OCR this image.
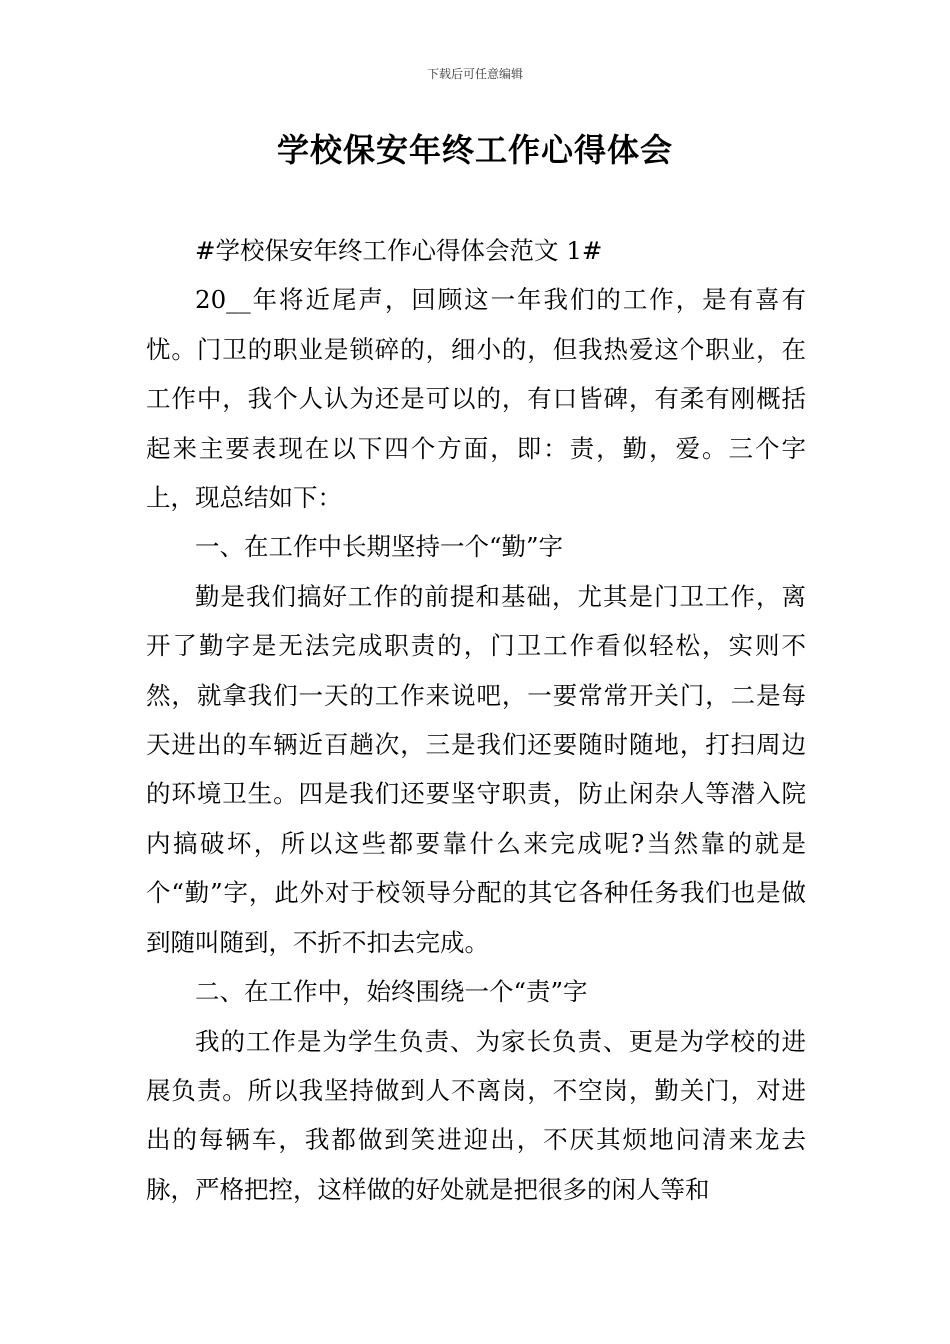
下载后可任意编辑
学校保安年终工作心得体会

#学校保安年终工作心得体会范文 1#

20__年将近尾声，回顾这一年我们的工作，是有喜有忧。门卫的职业是锁碎的，细小的，但我热爱这个职业，在工作中，我个人认为还是可以的，有口皆碑，有柔有刚概括起来主要表现在以下四个方面，即：责，勤，爱。三个字上，现总结如下：

一、在工作中长期坚持一个“勤”字

勤是我们搞好工作的前提和基础，尤其是门卫工作，离开了勤字是无法完成职责的，门卫工作看似轻松，实则不然，就拿我们一天的工作来说吧，一要常常开关门，二是每天进出的车辆近百趟次，三是我们还要随时随地，打扫周边的环境卫生。四是我们还要坚守职责，防止闲杂人等潜入院内搞破坏，所以这些都要靠什么来完成呢?当然靠的就是个“勤”字，此外对于校领导分配的其它各种任务我们也是做到随叫随到，不折不扣去完成。

二、在工作中，始终围绕一个“责”字

我的工作是为学生负责、为家长负责、更是为学校的进展负责。所以我坚持做到人不离岗，不空岗，勤关门，对进出的每辆车，我都做到笑进迎出，不厌其烦地问清来龙去脉，严格把控，这样做的好处就是把很多的闲人等和
